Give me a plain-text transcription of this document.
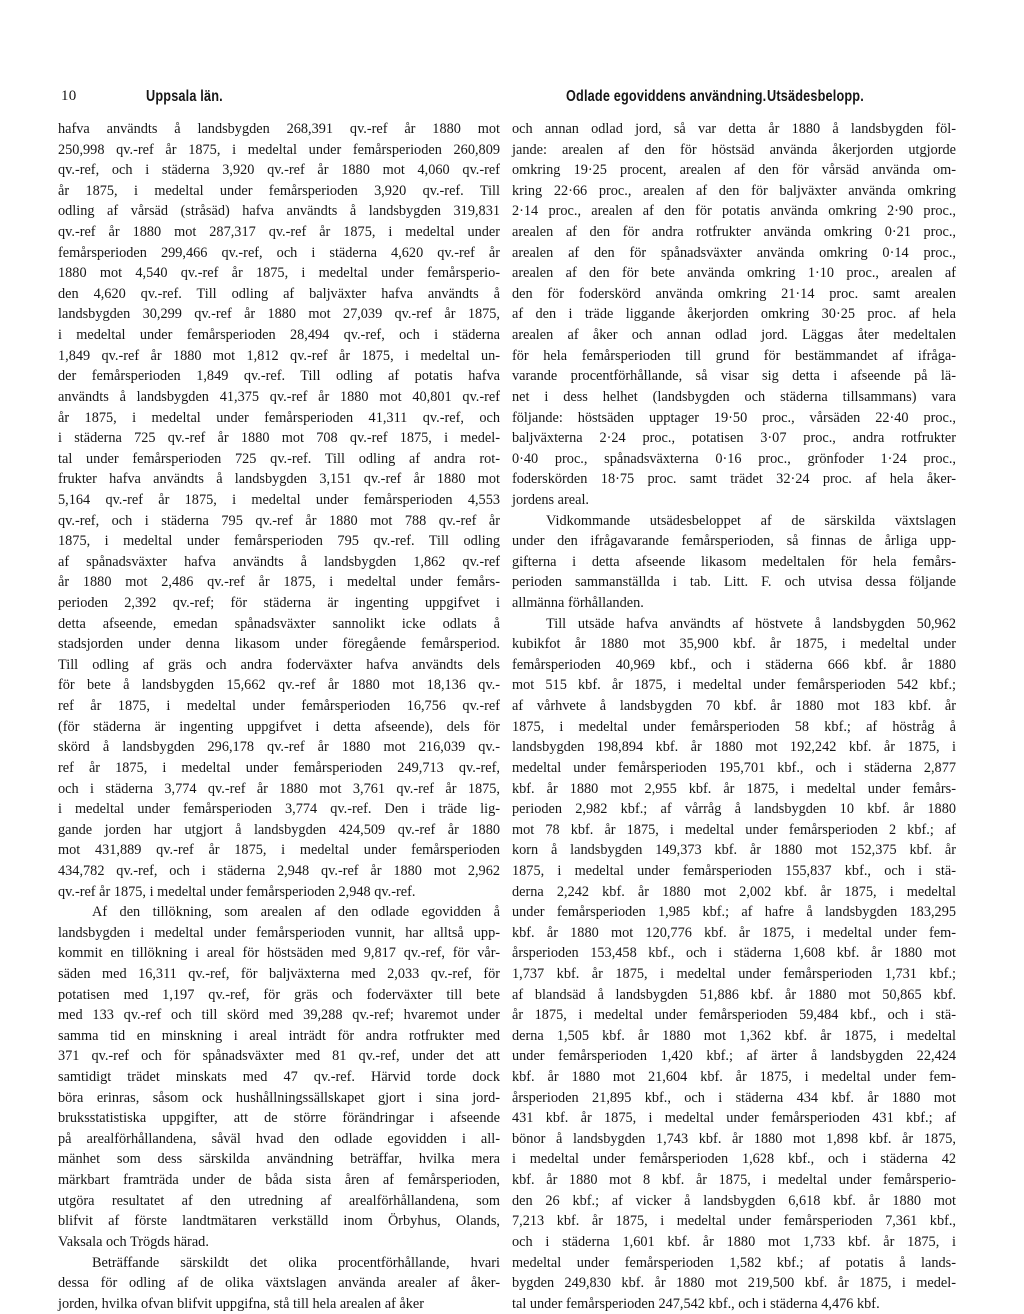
10	Uppsala län.	Odlade egoviddens användning. Utsädesbelopp.
hafva användts å landsbygden 268,391 qv.-ref år 1880 mot
250,998 qv.-ref år 1875, i medeltal under femårsperioden 260,809
qv.-ref, och i städerna 3,920 qv.-ref år 1880 mot 4,060 qv.-ref
år 1875, i medeltal under femårsperioden 3,920 qv.-ref. Till
odling af vårsäd (stråsäd) hafva användts å landsbygden 319,831
qv.-ref år 1880 mot 287,317 qv.-ref år 1875, i medeltal under
femårsperioden 299,466 qv.-ref, och i städerna 4,620 qv.-ref år
1880 mot 4,540 qv.-ref år 1875, i medeltal under femårsperio-
den 4,620 qv.-ref. Till odling af baljväxter hafva användts å
landsbygden 30,299 qv.-ref år 1880 mot 27,039 qv.-ref år 1875,
i medeltal under femårsperioden 28,494 qv.-ref, och i städerna
1,849 qv.-ref år 1880 mot 1,812 qv.-ref år 1875, i medeltal un-
der femårsperioden 1,849 qv.-ref. Till odling af potatis hafva
användts å landsbygden 41,375 qv.-ref år 1880 mot 40,801 qv.-ref
år 1875, i medeltal under femårsperioden 41,311 qv.-ref, och
i städerna 725 qv.-ref år 1880 mot 708 qv.-ref 1875, i medel-
tal under femårsperioden 725 qv.-ref. Till odling af andra rot-
frukter hafva användts å landsbygden 3,151 qv.-ref år 1880 mot
5,164 qv.-ref år 1875, i medeltal under femårsperioden 4,553
qv.-ref, och i städerna 795 qv.-ref år 1880 mot 788 qv.-ref år
1875, i medeltal under femårsperioden 795 qv.-ref. Till odling
af spånadsväxter hafva användts å landsbygden 1,862 qv.-ref
år 1880 mot 2,486 qv.-ref år 1875, i medeltal under femårs-
perioden 2,392 qv.-ref; för städerna är ingenting uppgifvet i
detta afseende, emedan spånadsväxter sannolikt icke odlats å
stadsjorden under denna likasom under föregående femårsperiod.
Till odling af gräs och andra foderväxter hafva användts dels
för bete å landsbygden 15,662 qv.-ref år 1880 mot 18,136 qv.-
ref år 1875, i medeltal under femårsperioden 16,756 qv.-ref
(för städerna är ingenting uppgifvet i detta afseende), dels för
skörd å landsbygden 296,178 qv.-ref år 1880 mot 216,039 qv.-
ref år 1875, i medeltal under femårsperioden 249,713 qv.-ref,
och i städerna 3,774 qv.-ref år 1880 mot 3,761 qv.-ref år 1875,
i medeltal under femårsperioden 3,774 qv.-ref. Den i träde lig-
gande jorden har utgjort å landsbygden 424,509 qv.-ref år 1880
mot 431,889 qv.-ref år 1875, i medeltal under femårsperioden
434,782 qv.-ref, och i städerna 2,948 qv.-ref år 1880 mot 2,962
qv.-ref år 1875, i medeltal under femårsperioden 2,948 qv.-ref.
Af den tillökning, som arealen af den odlade egovidden å
landsbygden i medeltal under femårsperioden vunnit, har alltså upp-
kommit en tillökning i areal för höstsäden med 9,817 qv.-ref, för vår-
säden med 16,311 qv.-ref, för baljväxterna med 2,033 qv.-ref, för
potatisen med 1,197 qv.-ref, för gräs och foderväxter till bete
med 133 qv.-ref och till skörd med 39,288 qv.-ref; hvaremot under
samma tid en minskning i areal inträdt för andra rotfrukter med
371 qv.-ref och för spånadsväxter med 81 qv.-ref, under det att
samtidigt trädet minskats med 47 qv.-ref. Härvid torde dock
böra erinras, såsom ock hushållningssällskapet gjort i sina jord-
bruksstatistiska uppgifter, att de större förändringar i afseende
på arealförhållandena, såväl hvad den odlade egovidden i all-
mänhet som dess särskilda användning beträffar, hvilka mera
märkbart framträda under de båda sista åren af femårsperioden,
utgöra resultatet af den utredning af arealförhållandena, som
blifvit af förste landtmätaren verkställd inom Örbyhus, Olands,
Vaksala och Trögds härad.
Beträffande särskildt det olika procentförhållande, hvari
dessa för odling af de olika växtslagen använda arealer af åker-
jorden, hvilka ofvan blifvit uppgifna, stå till hela arealen af åker
och annan odlad jord, så var detta år 1880 å landsbygden föl-
jande: arealen af den för höstsäd använda åkerjorden utgjorde
omkring 19·25 procent, arealen af den för vårsäd använda om-
kring 22·66 proc., arealen af den för baljväxter använda omkring
2·14 proc., arealen af den för potatis använda omkring 2·90 proc.,
arealen af den för andra rotfrukter använda omkring 0·21 proc.,
arealen af den för spånadsväxter använda omkring 0·14 proc.,
arealen af den för bete använda omkring 1·10 proc., arealen af
den för foderskörd använda omkring 21·14 proc. samt arealen
af den i träde liggande åkerjorden omkring 30·25 proc. af hela
arealen af åker och annan odlad jord. Läggas åter medeltalen
för hela femårsperioden till grund för bestämmandet af ifråga-
varande procentförhållande, så visar sig detta i afseende på lä-
net i dess helhet (landsbygden och städerna tillsammans) vara
följande: höstsäden upptager 19·50 proc., vårsäden 22·40 proc.,
baljväxterna 2·24 proc., potatisen 3·07 proc., andra rotfrukter
0·40 proc., spånadsväxterna 0·16 proc., grönfoder 1·24 proc.,
foderskörden 18·75 proc. samt trädet 32·24 proc. af hela åker-
jordens areal.
Vidkommande utsädesbeloppet af de särskilda växtslagen
under den ifrågavarande femårsperioden, så finnas de årliga upp-
gifterna i detta afseende likasom medeltalen för hela femårs-
perioden sammanställda i tab. Litt. F. och utvisa dessa följande
allmänna förhållanden.
Till utsäde hafva användts af höstvete å landsbygden 50,962
kubikfot år 1880 mot 35,900 kbf. år 1875, i medeltal under
femårsperioden 40,969 kbf., och i städerna 666 kbf. år 1880
mot 515 kbf. år 1875, i medeltal under femårsperioden 542 kbf.;
af vårhvete å landsbygden 70 kbf. år 1880 mot 183 kbf. år
1875, i medeltal under femårsperioden 58 kbf.; af höstråg å
landsbygden 198,894 kbf. år 1880 mot 192,242 kbf. år 1875, i
medeltal under femårsperioden 195,701 kbf., och i städerna 2,877
kbf. år 1880 mot 2,955 kbf. år 1875, i medeltal under femårs-
perioden 2,982 kbf.; af vårråg å landsbygden 10 kbf. år 1880
mot 78 kbf. år 1875, i medeltal under femårsperioden 2 kbf.; af
korn å landsbygden 149,373 kbf. år 1880 mot 152,375 kbf. år
1875, i medeltal under femårsperioden 155,837 kbf., och i stä-
derna 2,242 kbf. år 1880 mot 2,002 kbf. år 1875, i medeltal
under femårsperioden 1,985 kbf.; af hafre å landsbygden 183,295
kbf. år 1880 mot 120,776 kbf. år 1875, i medeltal under fem-
årsperioden 153,458 kbf., och i städerna 1,608 kbf. år 1880 mot
1,737 kbf. år 1875, i medeltal under femårsperioden 1,731 kbf.;
af blandsäd å landsbygden 51,886 kbf. år 1880 mot 50,865 kbf.
år 1875, i medeltal under femårsperioden 59,484 kbf., och i stä-
derna 1,505 kbf. år 1880 mot 1,362 kbf. år 1875, i medeltal
under femårsperioden 1,420 kbf.; af ärter å landsbygden 22,424
kbf. år 1880 mot 21,604 kbf. år 1875, i medeltal under fem-
årsperioden 21,895 kbf., och i städerna 434 kbf. år 1880 mot
431 kbf. år 1875, i medeltal under femårsperioden 431 kbf.; af
bönor å landsbygden 1,743 kbf. år 1880 mot 1,898 kbf. år 1875,
i medeltal under femårsperioden 1,628 kbf., och i städerna 42
kbf. år 1880 mot 8 kbf. år 1875, i medeltal under femårsperio-
den 26 kbf.; af vicker å landsbygden 6,618 kbf. år 1880 mot
7,213 kbf. år 1875, i medeltal under femårsperioden 7,361 kbf.,
och i städerna 1,601 kbf. år 1880 mot 1,733 kbf. år 1875, i
medeltal under femårsperioden 1,582 kbf.; af potatis å lands-
bygden 249,830 kbf. år 1880 mot 219,500 kbf. år 1875, i medel-
tal under femårsperioden 247,542 kbf., och i städerna 4,476 kbf.
